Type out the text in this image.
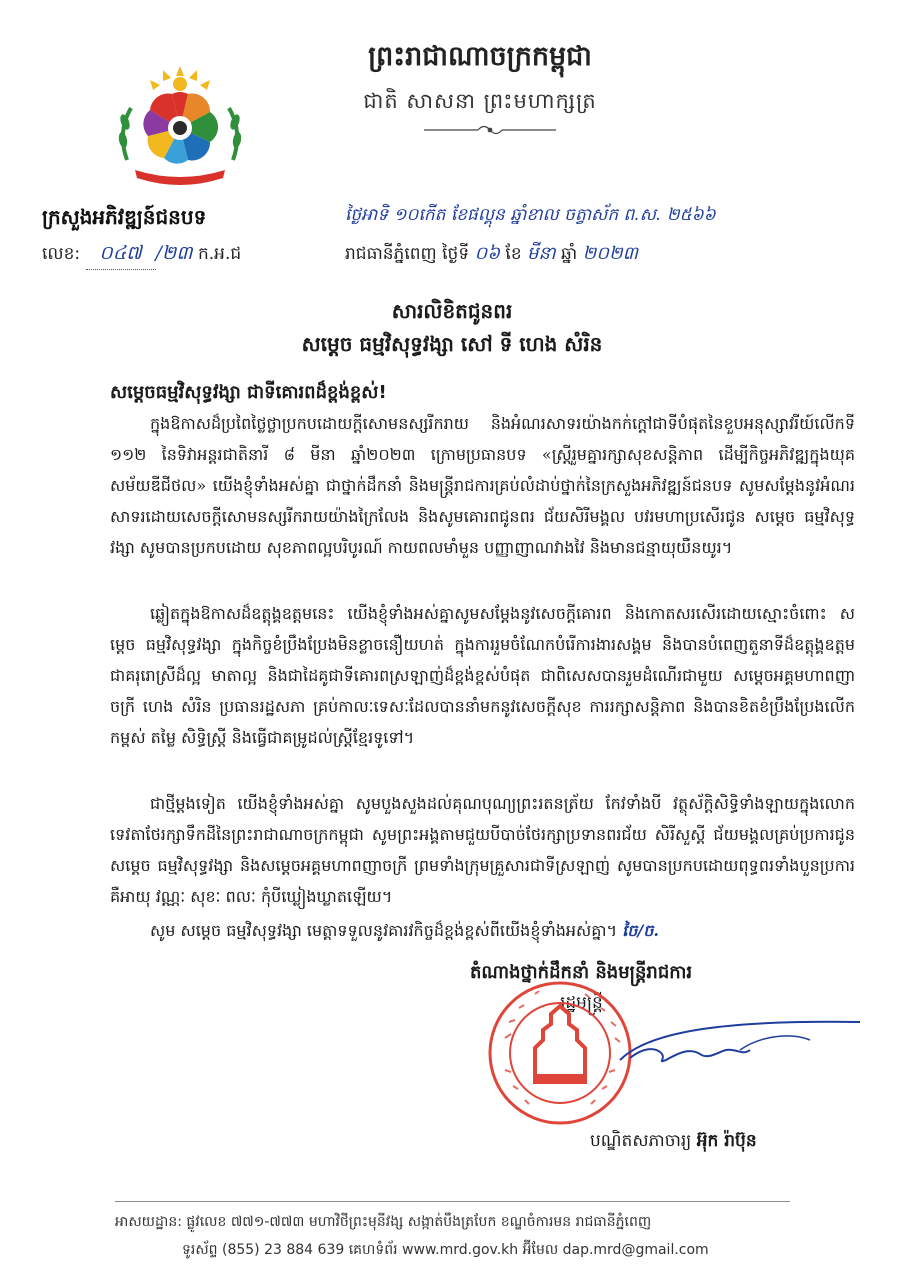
ព្រះរាជាណាចក្រកម្ពុជា
ជាតិ សាសនា ព្រះមហាក្សត្រ
ក្រសួងអភិវឌ្ឍន៍ជនបទ
លេខ: ០៤៧ /២៣ ក.អ.ជ
ថ្ងៃអាទិ ១០កើត ខែផល្គុន ឆ្នាំខាល ចត្វាស័ក ព.ស. ២៥៦៦
រាជធានីភ្នំពេញ ថ្ងៃទី ០៦ ខែ មីនា ឆ្នាំ ២០២៣
សារលិខិតជូនពរ
សម្តេច ធម្មវិសុទ្ធវង្សា សៅ ទី ហេង សំរិន
សម្តេចធម្មវិសុទ្ធវង្សា ជាទីគោរពដ៏ខ្ពង់ខ្ពស់!
ក្នុងឱកាសដ៏ប្រពៃថ្លៃថ្លាប្រកបដោយក្តីសោមនស្សរីករាយ និងអំណរសាទរយ៉ាងកក់ក្តៅជាទីបំផុតនៃខួបអនុស្សាវរីយ៍លើកទី ១១២ នៃទិវាអន្តរជាតិនារី ៨ មីនា ឆ្នាំ២០២៣ ក្រោមប្រធានបទ «ស្ត្រីរួមគ្នារក្សាសុខសន្តិភាព ដើម្បីកិច្ចអភិវឌ្ឍក្នុងយុគសម័យឌីជីថល» យើងខ្ញុំទាំងអស់គ្នា ជាថ្នាក់ដឹកនាំ និងមន្ត្រីរាជការគ្រប់លំដាប់ថ្នាក់នៃក្រសួងអភិវឌ្ឍន៍ជនបទ សូមសម្តែងនូវអំណរសាទរដោយសេចក្តីសោមនស្សរីករាយយ៉ាងក្រៃលែង និងសូមគោរពជូនពរ ជ័យសិរីមង្គល បវរមហាប្រសើរជូន សម្តេច ធម្មវិសុទ្ធវង្សា សូមបានប្រកបដោយ សុខភាពល្អបរិបូរណ៍ កាយពលមាំមួន បញ្ញាញាណវាងវៃ និងមានជន្មាយុយឺនយូរ។
ឆ្លៀតក្នុងឱកាសដ៏ឧត្តុង្គឧត្តមនេះ យើងខ្ញុំទាំងអស់គ្នាសូមសម្តែងនូវសេចក្តីគោរព និងកោតសរសើរដោយស្មោះចំពោះ សម្តេច ធម្មវិសុទ្ធវង្សា ក្នុងកិច្ចខំប្រឹងប្រែងមិនខ្លាចនឿយហត់ ក្នុងការរួមចំណែកបំរើការងារសង្គម និងបានបំពេញតួនាទីដ៏ឧត្តុង្គឧត្តម ជាគរុរោស្រីដ៏ល្អ មាតាល្អ និងជាដៃគូជាទីគោរពស្រឡាញ់ដ៏ខ្ពង់ខ្ពស់បំផុត ជាពិសេសបានរួមដំណើរជាមួយ សម្តេចអគ្គមហាពញាចក្រី ហេង សំរិន ប្រធានរដ្ឋសភា គ្រប់កាលៈទេសៈដែលបាននាំមកនូវសេចក្តីសុខ ការរក្សាសន្តិភាព និងបានខិតខំប្រឹងប្រែងលើកកម្ពស់ តម្លៃ សិទ្ធិស្ត្រី និងធ្វើជាគម្រូដល់ស្ត្រីខ្មែរទូទៅ។
ជាថ្មីម្តងទៀត យើងខ្ញុំទាំងអស់គ្នា សូមបួងសួងដល់គុណបុណ្យព្រះរតនត្រ័យ កែវទាំងបី វត្ថុស័ក្តិសិទ្ធិទាំងឡាយក្នុងលោក ទេវតាថែរក្សាទឹកដីនៃព្រះរាជាណាចក្រកម្ពុជា សូមព្រះអង្គតាមជួយបីបាច់ថែរក្សាប្រទានពរជ័យ សិរីសួស្តី ជ័យមង្គលគ្រប់ប្រការជូន សម្តេច ធម្មវិសុទ្ធវង្សា និងសម្តេចអគ្គមហាពញាចក្រី ព្រមទាំងក្រុមគ្រួសារជាទីស្រឡាញ់ សូមបានប្រកបដោយពុទ្ធពរទាំងបួនប្រការ គឺអាយុ វណ្ណៈ សុខៈ ពលៈ កុំបីឃ្លៀងឃ្លាតឡើយ។
សូម សម្តេច ធម្មវិសុទ្ធវង្សា មេត្តាទទួលនូវគារវកិច្ចដ៏ខ្ពង់ខ្ពស់ពីយើងខ្ញុំទាំងអស់គ្នា។ ចៃ/ច.
តំណាងថ្នាក់ដឹកនាំ និងមន្ត្រីរាជការ
រដ្ឋមន្ត្រី
បណ្ឌិតសភាចារ្យ អ៊ុក រ៉ាប៊ុន
អាសយដ្ឋាន: ផ្លូវលេខ ៧៧១-៧៧៣ មហាវិថីព្រះមុនីវង្ស សង្កាត់បឹងត្របែក ខណ្ឌចំការមន រាជធានីភ្នំពេញ
ទូរស័ព្ទ (855) 23 884 639 គេហទំព័រ www.mrd.gov.kh អ៊ីមែល dap.mrd@gmail.com
